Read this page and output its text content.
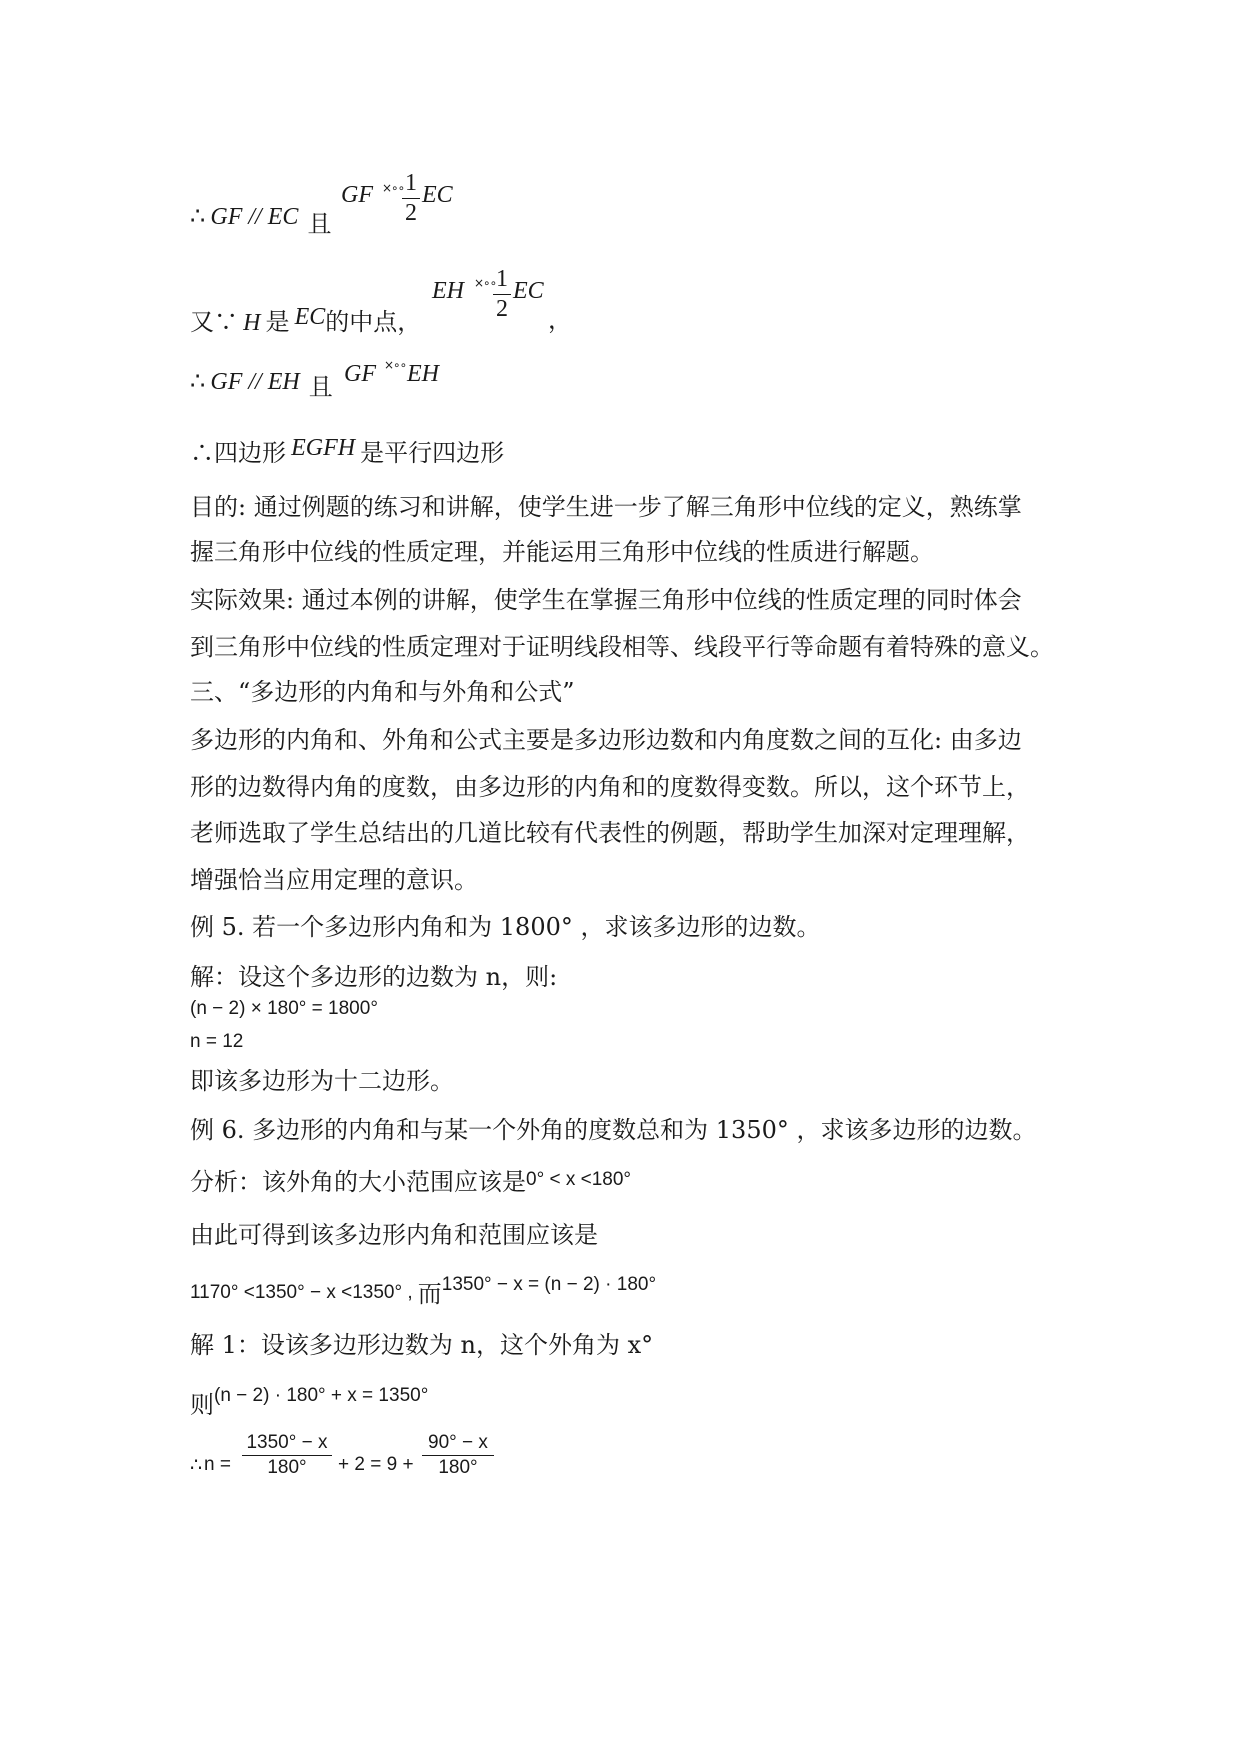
∴ GF // EC 且
GF ×∘∘ 1
2
EC
又∵ H 是 EC的中点，
EH ×∘∘ 1
2
EC
，
∴ GF // EH 且 GF ×∘∘ EH
∴四边形 EGFH 是平行四边形
目的: 通过例题的练习和讲解，使学生进一步了解三角形中位线的定义，熟练掌
握三角形中位线的性质定理，并能运用三角形中位线的性质进行解题。
实际效果: 通过本例的讲解，使学生在掌握三角形中位线的性质定理的同时体会
到三角形中位线的性质定理对于证明线段相等、线段平行等命题有着特殊的意义。
三、“多边形的内角和与外角和公式”
多边形的内角和、外角和公式主要是多边形边数和内角度数之间的互化: 由多边
形的边数得内角的度数，由多边形的内角和的度数得变数。所以，这个环节上，
老师选取了学生总结出的几道比较有代表性的例题，帮助学生加深对定理理解，
增强恰当应用定理的意识。
例 5. 若一个多边形内角和为 1800° ，求该多边形的边数。
解：设这个多边形的边数为 n，则:
(n − 2) × 180° = 1800°
n = 12
即该多边形为十二边形。
例 6. 多边形的内角和与某一个外角的度数总和为 1350° ，求该多边形的边数。
分析：该外角的大小范围应该是$^{0^\circ < x <180^\circ}$
由此可得到该多边形内角和范围应该是
1170° <1350° − x <1350° , 而1350° − x = (n − 2) · 180°
解 1：设该多边形边数为 n，这个外角为 x°
则(n − 2) · 180° + x = 1350°
∴ n =
1350° − x
180°	+ 2 = 9 +
90° − x
180°
